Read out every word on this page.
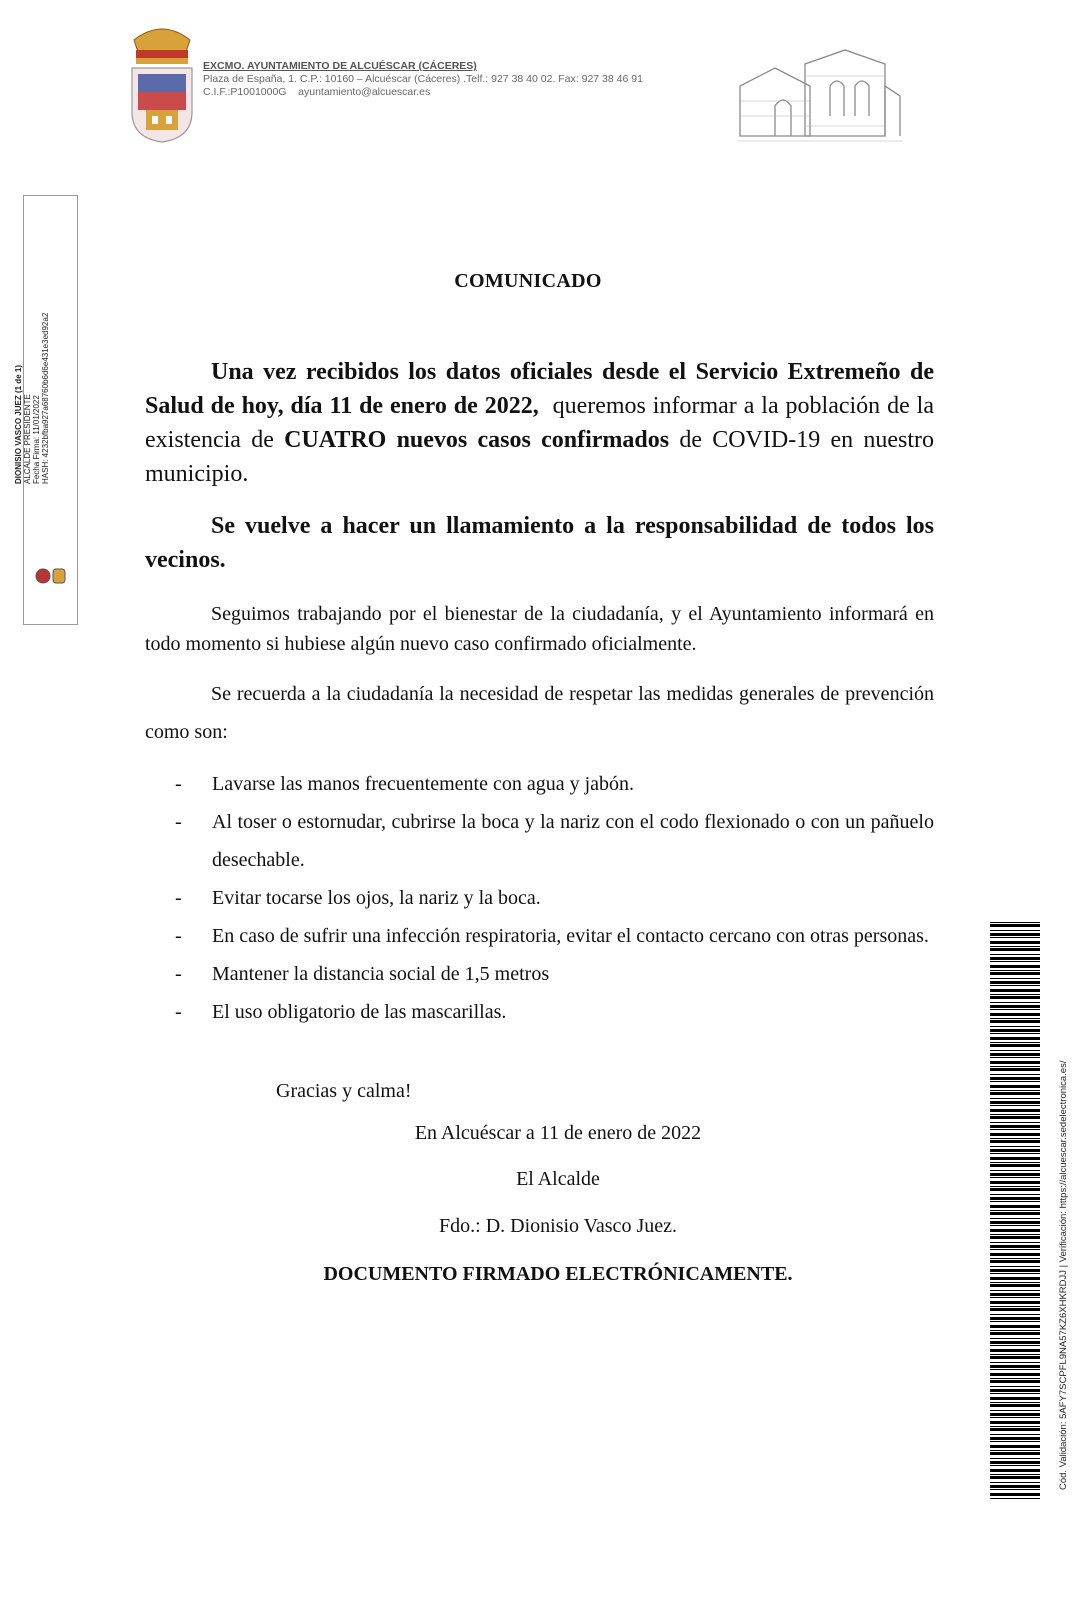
EXCMO. AYUNTAMIENTO DE ALCUÉSCAR (CÁCERES)
Plaza de España, 1. C.P.: 10160 – Alcuéscar (Cáceres) .Telf.: 927 38 40 02. Fax: 927 38 46 91
C.I.F.:P1001000G    ayuntamiento@alcuescar.es
DIONISIO VASCO JUEZ (1 de 1) ALCALDE PRESIDENTE Fecha Firma: 11/01/2022 HASH: 4232bfba927a68760b6d6e431e3ed92a2
COMUNICADO
Una vez recibidos los datos oficiales desde el Servicio Extremeño de Salud de hoy, día 11 de enero de 2022,  queremos informar a la población de la existencia de CUATRO nuevos casos confirmados de COVID-19 en nuestro municipio.
Se vuelve a hacer un llamamiento a la responsabilidad de todos los vecinos.
Seguimos trabajando por el bienestar de la ciudadanía, y el Ayuntamiento informará en todo momento si hubiese algún nuevo caso confirmado oficialmente.
Se recuerda a la ciudadanía la necesidad de respetar las medidas generales de prevención como son:
- Lavarse las manos frecuentemente con agua y jabón.
- Al toser o estornudar, cubrirse la boca y la nariz con el codo flexionado o con un pañuelo desechable.
- Evitar tocarse los ojos, la nariz y la boca.
- En caso de sufrir una infección respiratoria, evitar el contacto cercano con otras personas.
- Mantener la distancia social de 1,5 metros
- El uso obligatorio de las mascarillas.
Gracias y calma!
En Alcuéscar a 11 de enero de 2022
El Alcalde
Fdo.: D. Dionisio Vasco Juez.
DOCUMENTO FIRMADO ELECTRÓNICAMENTE.	Cód. Validación: 5AFY7SCPFL9NA57KZ6XHKRDJJ | Verificación: https://alcuescar.sedelectronica.es/
